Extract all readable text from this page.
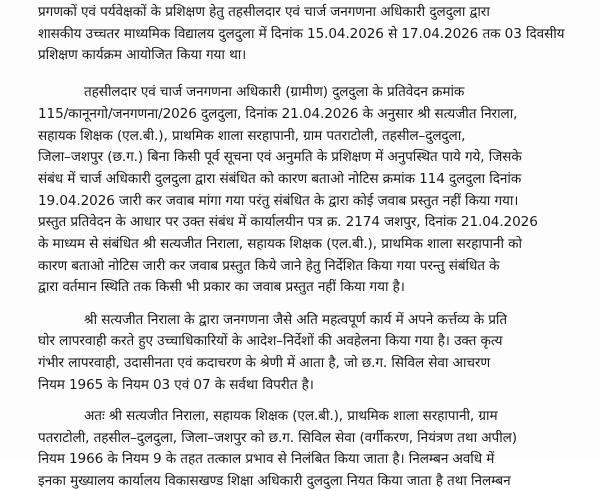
प्रगणकों एवं पर्यवेक्षकों के प्रशिक्षण हेतु तहसीलदार एवं चार्ज जनगणना अधिकारी दुलदुला द्वारा
शासकीय उच्चतर माध्यमिक विद्यालय दुलदुला में दिनांक 15.04.2026 से 17.04.2026 तक 03 दिवसीय
प्रशिक्षण कार्यक्रम आयोजित किया गया था।
तहसीलदार एवं चार्ज जनगणना अधिकारी (ग्रामीण) दुलदुला के प्रतिवेदन क्रमांक
115/कानूनगो/जनगणना/2026 दुलदुला, दिनांक 21.04.2026 के अनुसार श्री सत्यजीत निराला,
सहायक शिक्षक (एल.बी.), प्राथमिक शाला सरहापानी, ग्राम पतराटोली, तहसील–दुलदुला,
जिला–जशपुर (छ.ग.) बिना किसी पूर्व सूचना एवं अनुमति के प्रशिक्षण में अनुपस्थित पाये गये, जिसके
संबंध में चार्ज अधिकारी दुलदुला द्वारा संबंधित को कारण बताओ नोटिस क्रमांक 114 दुलदुला दिनांक
19.04.2026 जारी कर जवाब मांगा गया परंतु संबंधित के द्वारा कोई जवाब प्रस्तुत नहीं किया गया।
प्रस्तुत प्रतिवेदन के आधार पर उक्त संबंध में कार्यालयीन पत्र क्र. 2174 जशपुर, दिनांक 21.04.2026
के माध्यम से संबंधित श्री सत्यजीत निराला, सहायक शिक्षक (एल.बी.), प्राथमिक शाला सरहापानी को
कारण बताओ नोटिस जारी कर जवाब प्रस्तुत किये जाने हेतु निर्देशित किया गया परन्तु संबंधित के
द्वारा वर्तमान स्थिति तक किसी भी प्रकार का जवाब प्रस्तुत नहीं किया गया है।
श्री सत्यजीत निराला के द्वारा जनगणना जैसे अति महत्वपूर्ण कार्य में अपने कर्त्तव्य के प्रति
घोर लापरवाही करते हुए उच्चाधिकारियों के आदेश–निर्देशों की अवहेलना किया गया है। उक्त कृत्य
गंभीर लापरवाही, उदासीनता एवं कदाचरण के श्रेणी में आता है, जो छ.ग. सिविल सेवा आचरण
नियम 1965 के नियम 03 एवं 07 के सर्वथा विपरीत है।
अतः श्री सत्यजीत निराला, सहायक शिक्षक (एल.बी.), प्राथमिक शाला सरहापानी, ग्राम
पतराटोली, तहसील–दुलदुला, जिला–जशपुर को छ.ग. सिविल सेवा (वर्गीकरण, नियंत्रण तथा अपील)
नियम 1966 के नियम 9 के तहत तत्काल प्रभाव से निलंबित किया जाता है। निलम्बन अवधि में
इनका मुख्यालय कार्यालय विकासखण्ड शिक्षा अधिकारी दुलदुला नियत किया जाता है तथा निलम्बन
